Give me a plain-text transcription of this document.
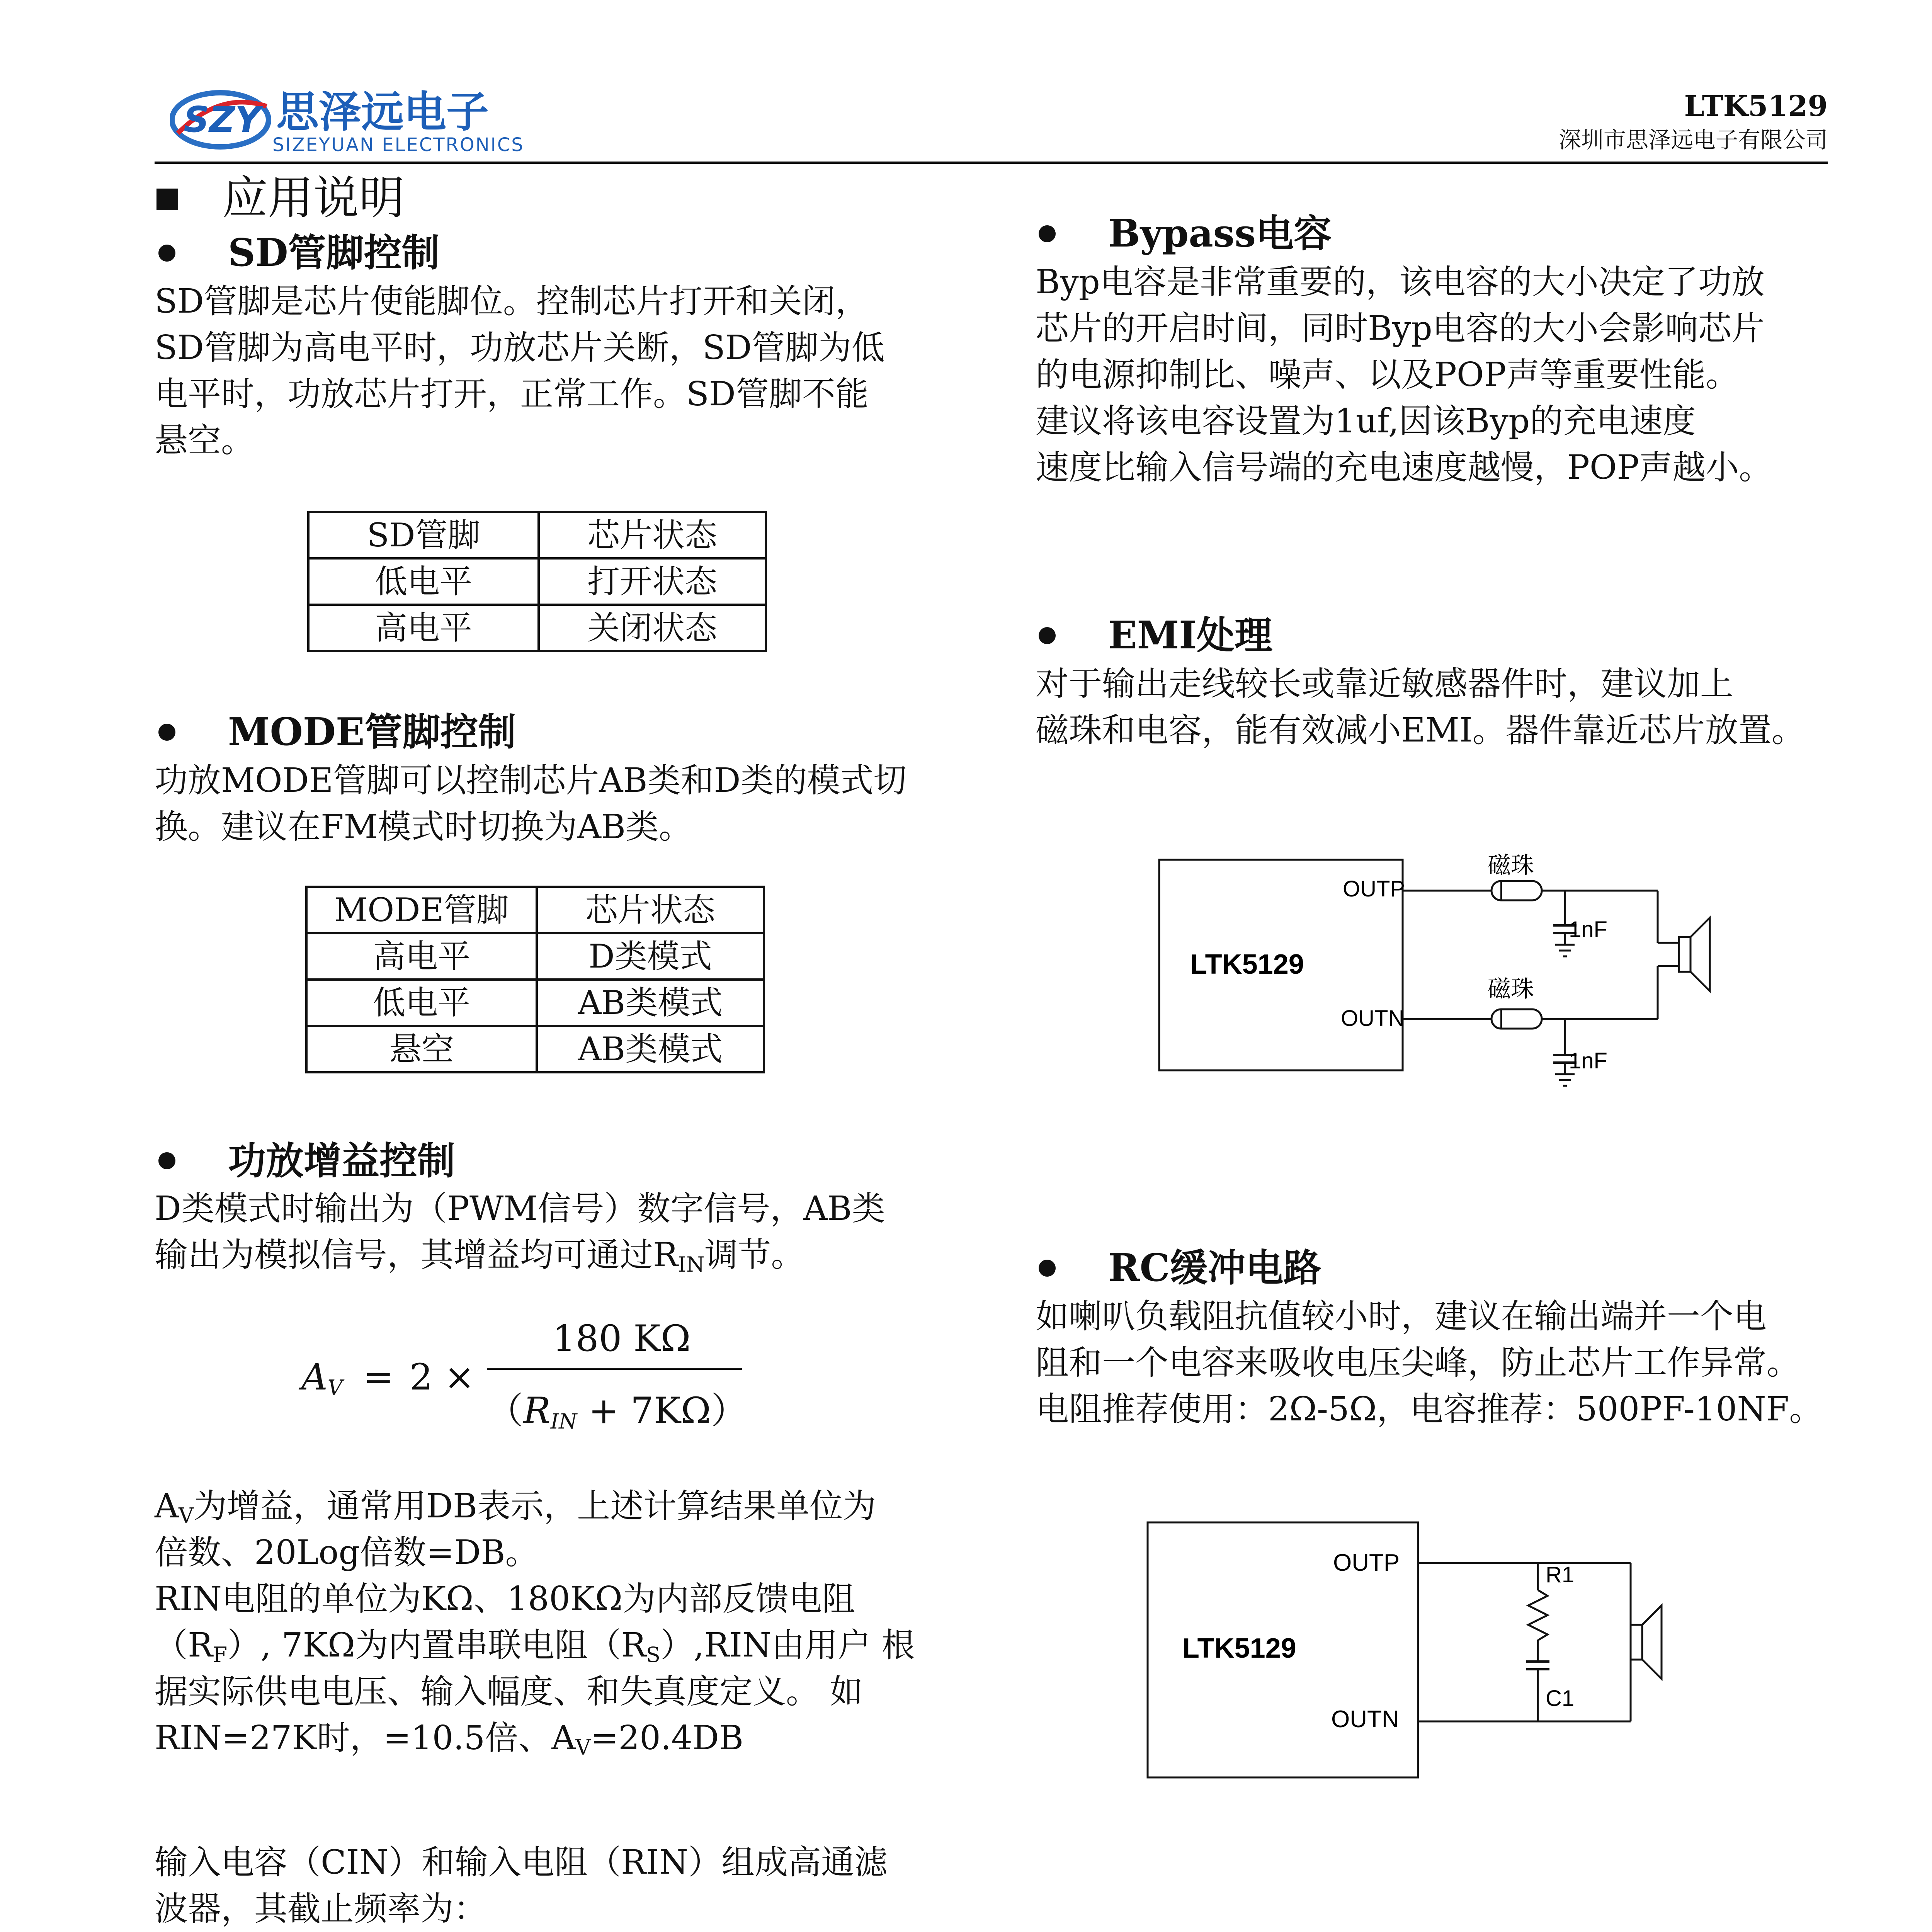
SZY 思泽远电子
SIZEYUAN ELECTRONICS
LTK5129
深圳市思泽远电子有限公司
应用说明
SD管脚控制
SD管脚是芯片使能脚位。控制芯片打开和关闭，
SD管脚为高电平时，功放芯片关断，SD管脚为低
电平时，功放芯片打开，正常工作。SD管脚不能
悬空。
SD管脚	芯片状态
低电平	打开状态
高电平	关闭状态
MODE管脚控制
功放MODE管脚可以控制芯片AB类和D类的模式切
换。建议在FM模式时切换为AB类。
MODE管脚	芯片状态
高电平	D类模式
低电平	AB类模式
悬空	AB类模式
功放增益控制
D类模式时输出为（PWM信号）数字信号，AB类
输出为模拟信号，其增益均可通过$R_{IN}$调节。
$A_V = 2$ ×
180 KΩ
$(R_{IN} + 7K\Omega)$
$A_V$为增益，通常用DB表示，上述计算结果单位为
倍数、20Log倍数=DB。
RIN电阻的单位为KΩ、180KΩ为内部反馈电阻
$(R_F)$, 7KΩ为内置串联电阻$(R_S),RIN$由用户 根
据实际供电电压、输入幅度、和失真度定义。 如
RIN=27K时，=10.5倍、$A_V=20.4DB$
输入电容（CIN）和输入电阻（RIN）组成高通滤
波器，其截止频率为：
Bypass电容
Byp电容是非常重要的，该电容的大小决定了功放
芯片的开启时间，同时Byp电容的大小会影响芯片
的电源抑制比、噪声、以及POP声等重要性能。
建议将该电容设置为1uf,因该Byp的充电速度
速度比输入信号端的充电速度越慢，POP声越小。
EMI处理
对于输出走线较长或靠近敏感器件时，建议加上
磁珠和电容，能有效减小EMI。器件靠近芯片放置。
LTK5129
OUTP
OUTN
磁珠
1nF
磁珠
1nF
RC缓冲电路
如喇叭负载阻抗值较小时，建议在输出端并一个电
阻和一个电容来吸收电压尖峰，防止芯片工作异常。
电阻推荐使用：2Ω-5Ω，电容推荐：500PF-10NF。
LTK5129
OUTP
OUTN
R1
C1
